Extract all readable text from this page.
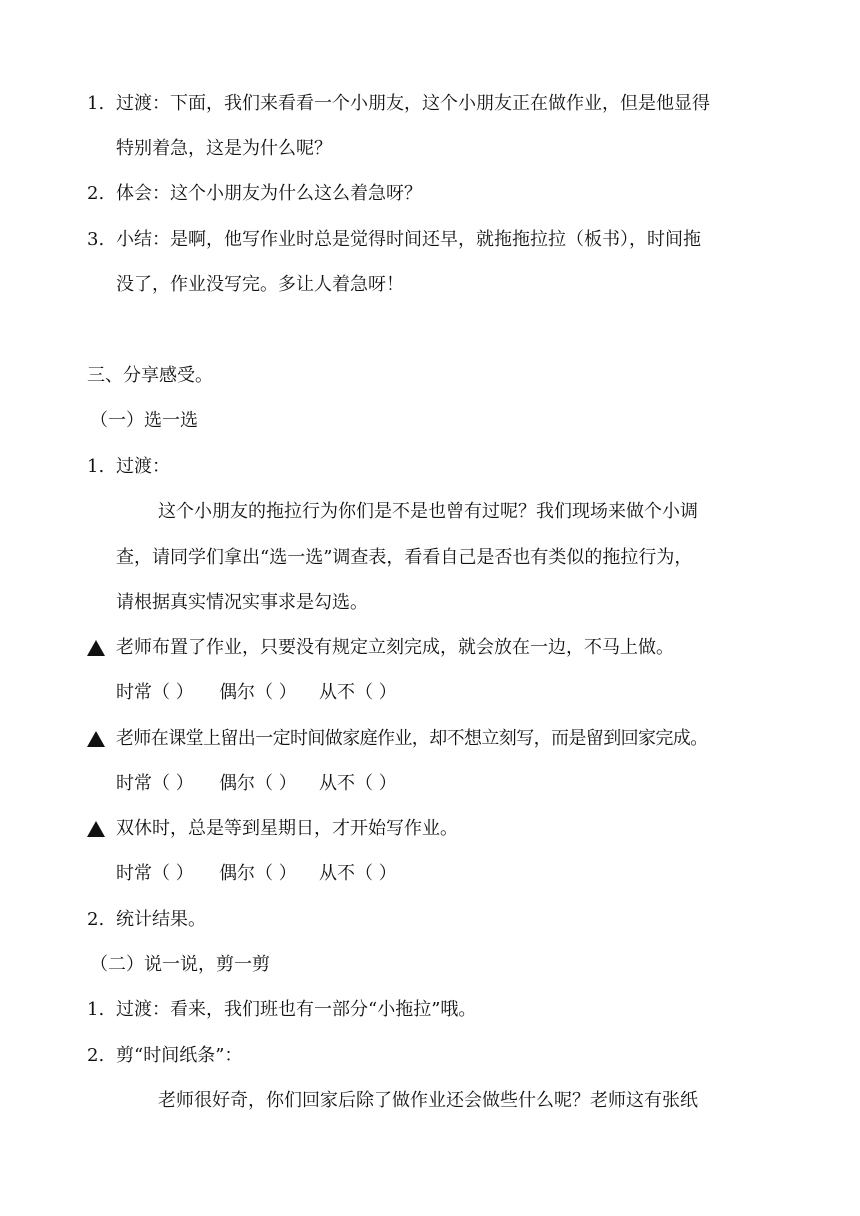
1. 过渡：下面，我们来看看一个小朋友，这个小朋友正在做作业，但是他显得
特别着急，这是为什么呢？
2. 体会：这个小朋友为什么这么着急呀？
3. 小结：是啊，他写作业时总是觉得时间还早，就拖拖拉拉（板书），时间拖
没了，作业没写完。多让人着急呀！
三、分享感受。
（一）选一选
1. 过渡：
这个小朋友的拖拉行为你们是不是也曾有过呢？我们现场来做个小调
查，请同学们拿出“选一选”调查表，看看自己是否也有类似的拖拉行为，
请根据真实情况实事求是勾选。
老师布置了作业，只要没有规定立刻完成，就会放在一边，不马上做。
时常（ ） 偶尔（ ） 从不（ ）
老师在课堂上留出一定时间做家庭作业，却不想立刻写，而是留到回家完成。
时常（ ） 偶尔（ ） 从不（ ）
双休时，总是等到星期日，才开始写作业。
时常（ ） 偶尔（ ） 从不（ ）
2. 统计结果。
（二）说一说，剪一剪
1. 过渡：看来，我们班也有一部分“小拖拉”哦。
2. 剪“时间纸条”：
老师很好奇，你们回家后除了做作业还会做些什么呢？老师这有张纸
